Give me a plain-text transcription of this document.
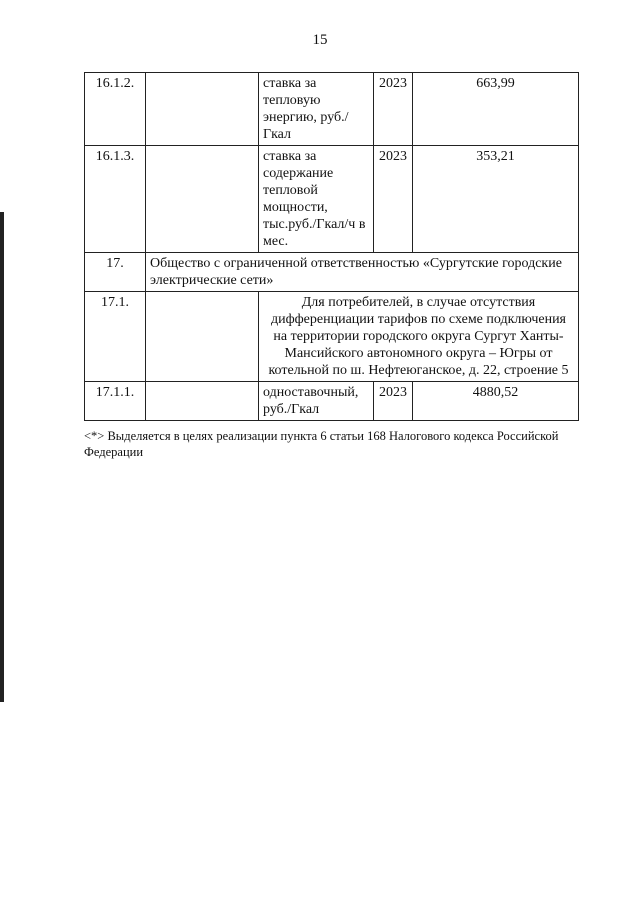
15
16.1.2.		ставка за тепловую энергию, руб./Гкал	2023	663,99
16.1.3.		ставка за содержание тепловой мощности, тыс.руб./Гкал/ч в мес.	2023	353,21
17.	Общество с ограниченной ответственностью «Сургутские городские электрические сети»			
17.1.		Для потребителей, в случае отсутствия дифференциации тарифов по схеме подключения на территории городского округа Сургут Ханты-Мансийского автономного округа – Югры от котельной по ш. Нефтеюганское, д. 22, строение 5		
17.1.1.		одноставочный, руб./Гкал	2023	4880,52
<*> Выделяется в целях реализации пункта 6 статьи 168 Налогового кодекса Российской Федерации
